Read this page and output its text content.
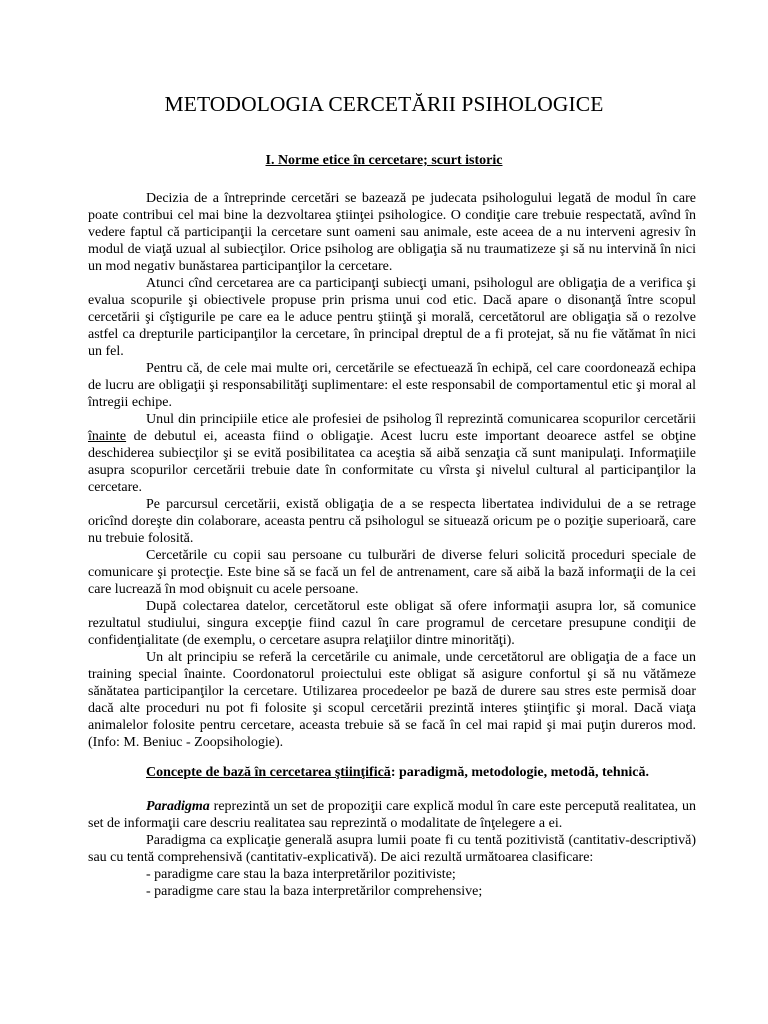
METODOLOGIA CERCETĂRII PSIHOLOGICE
I. Norme etice în cercetare; scurt istoric

Decizia de a întreprinde cercetări se bazează pe judecata psihologului legată de modul în care poate contribui cel mai bine la dezvoltarea ştiinţei psihologice. O condiţie care trebuie respectată, avînd în vedere faptul că participanţii la cercetare sunt oameni sau animale, este aceea de a nu interveni agresiv în modul de viaţă uzual al subiecţilor. Orice psiholog are obligaţia să nu traumatizeze şi să nu intervină în nici un mod negativ bunăstarea participanţilor la cercetare.

Atunci cînd cercetarea are ca participanţi subiecţi umani, psihologul are obligaţia de a verifica şi evalua scopurile şi obiectivele propuse prin prisma unui cod etic. Dacă apare o disonanţă între scopul cercetării şi cîştigurile pe care ea le aduce pentru ştiinţă şi morală, cercetătorul are obligaţia să o rezolve astfel ca drepturile participanţilor la cercetare, în principal dreptul de a fi protejat, să nu fie vătămat în nici un fel.

Pentru că, de cele mai multe ori, cercetările se efectuează în echipă, cel care coordonează echipa de lucru are obligaţii şi responsabilităţi suplimentare: el este responsabil de comportamentul etic şi moral al întregii echipe.

Unul din principiile etice ale profesiei de psiholog îl reprezintă comunicarea scopurilor cercetării înainte de debutul ei, aceasta fiind o obligaţie. Acest lucru este important deoarece astfel se obţine deschiderea subiecţilor şi se evită posibilitatea ca aceştia să aibă senzaţia că sunt manipulaţi. Informaţiile asupra scopurilor cercetării trebuie date în conformitate cu vîrsta şi nivelul cultural al participanţilor la cercetare.

Pe parcursul cercetării, există obligaţia de a se respecta libertatea individului de a se retrage oricînd doreşte din colaborare, aceasta pentru că psihologul se situează oricum pe o poziţie superioară, care nu trebuie folosită.

Cercetările cu copii sau persoane cu tulburări de diverse feluri solicită proceduri speciale de comunicare şi protecţie. Este bine să se facă un fel de antrenament, care să aibă la bază informaţii de la cei care lucrează în mod obişnuit cu acele persoane.

După colectarea datelor, cercetătorul este obligat să ofere informaţii asupra lor, să comunice rezultatul studiului, singura excepţie fiind cazul în care programul de cercetare presupune condiţii de confidenţialitate (de exemplu, o cercetare asupra relaţiilor dintre minorităţi).

Un alt principiu se referă la cercetările cu animale, unde cercetătorul are obligaţia de a face un training special înainte. Coordonatorul proiectului este obligat să asigure confortul şi să nu vătămeze sănătatea participanţilor la cercetare. Utilizarea procedeelor pe bază de durere sau stres este permisă doar dacă alte proceduri nu pot fi folosite şi scopul cercetării prezintă interes ştiinţific şi moral. Dacă viaţa animalelor folosite pentru cercetare, aceasta trebuie să se facă în cel mai rapid şi mai puţin dureros mod. (Info: M. Beniuc - Zoopsihologie).

Concepte de bază în cercetarea ştiinţifică: paradigmă, metodologie, metodă, tehnică.

Paradigma reprezintă un set de propoziţii care explică modul în care este percepută realitatea, un set de informaţii care descriu realitatea sau reprezintă o modalitate de înţelegere a ei.

Paradigma ca explicaţie generală asupra lumii poate fi cu tentă pozitivistă (cantitativ-descriptivă) sau cu tentă comprehensivă (cantitativ-explicativă). De aici rezultă următoarea clasificare:

- paradigme care stau la baza interpretărilor pozitiviste;

- paradigme care stau la baza interpretărilor comprehensive;
